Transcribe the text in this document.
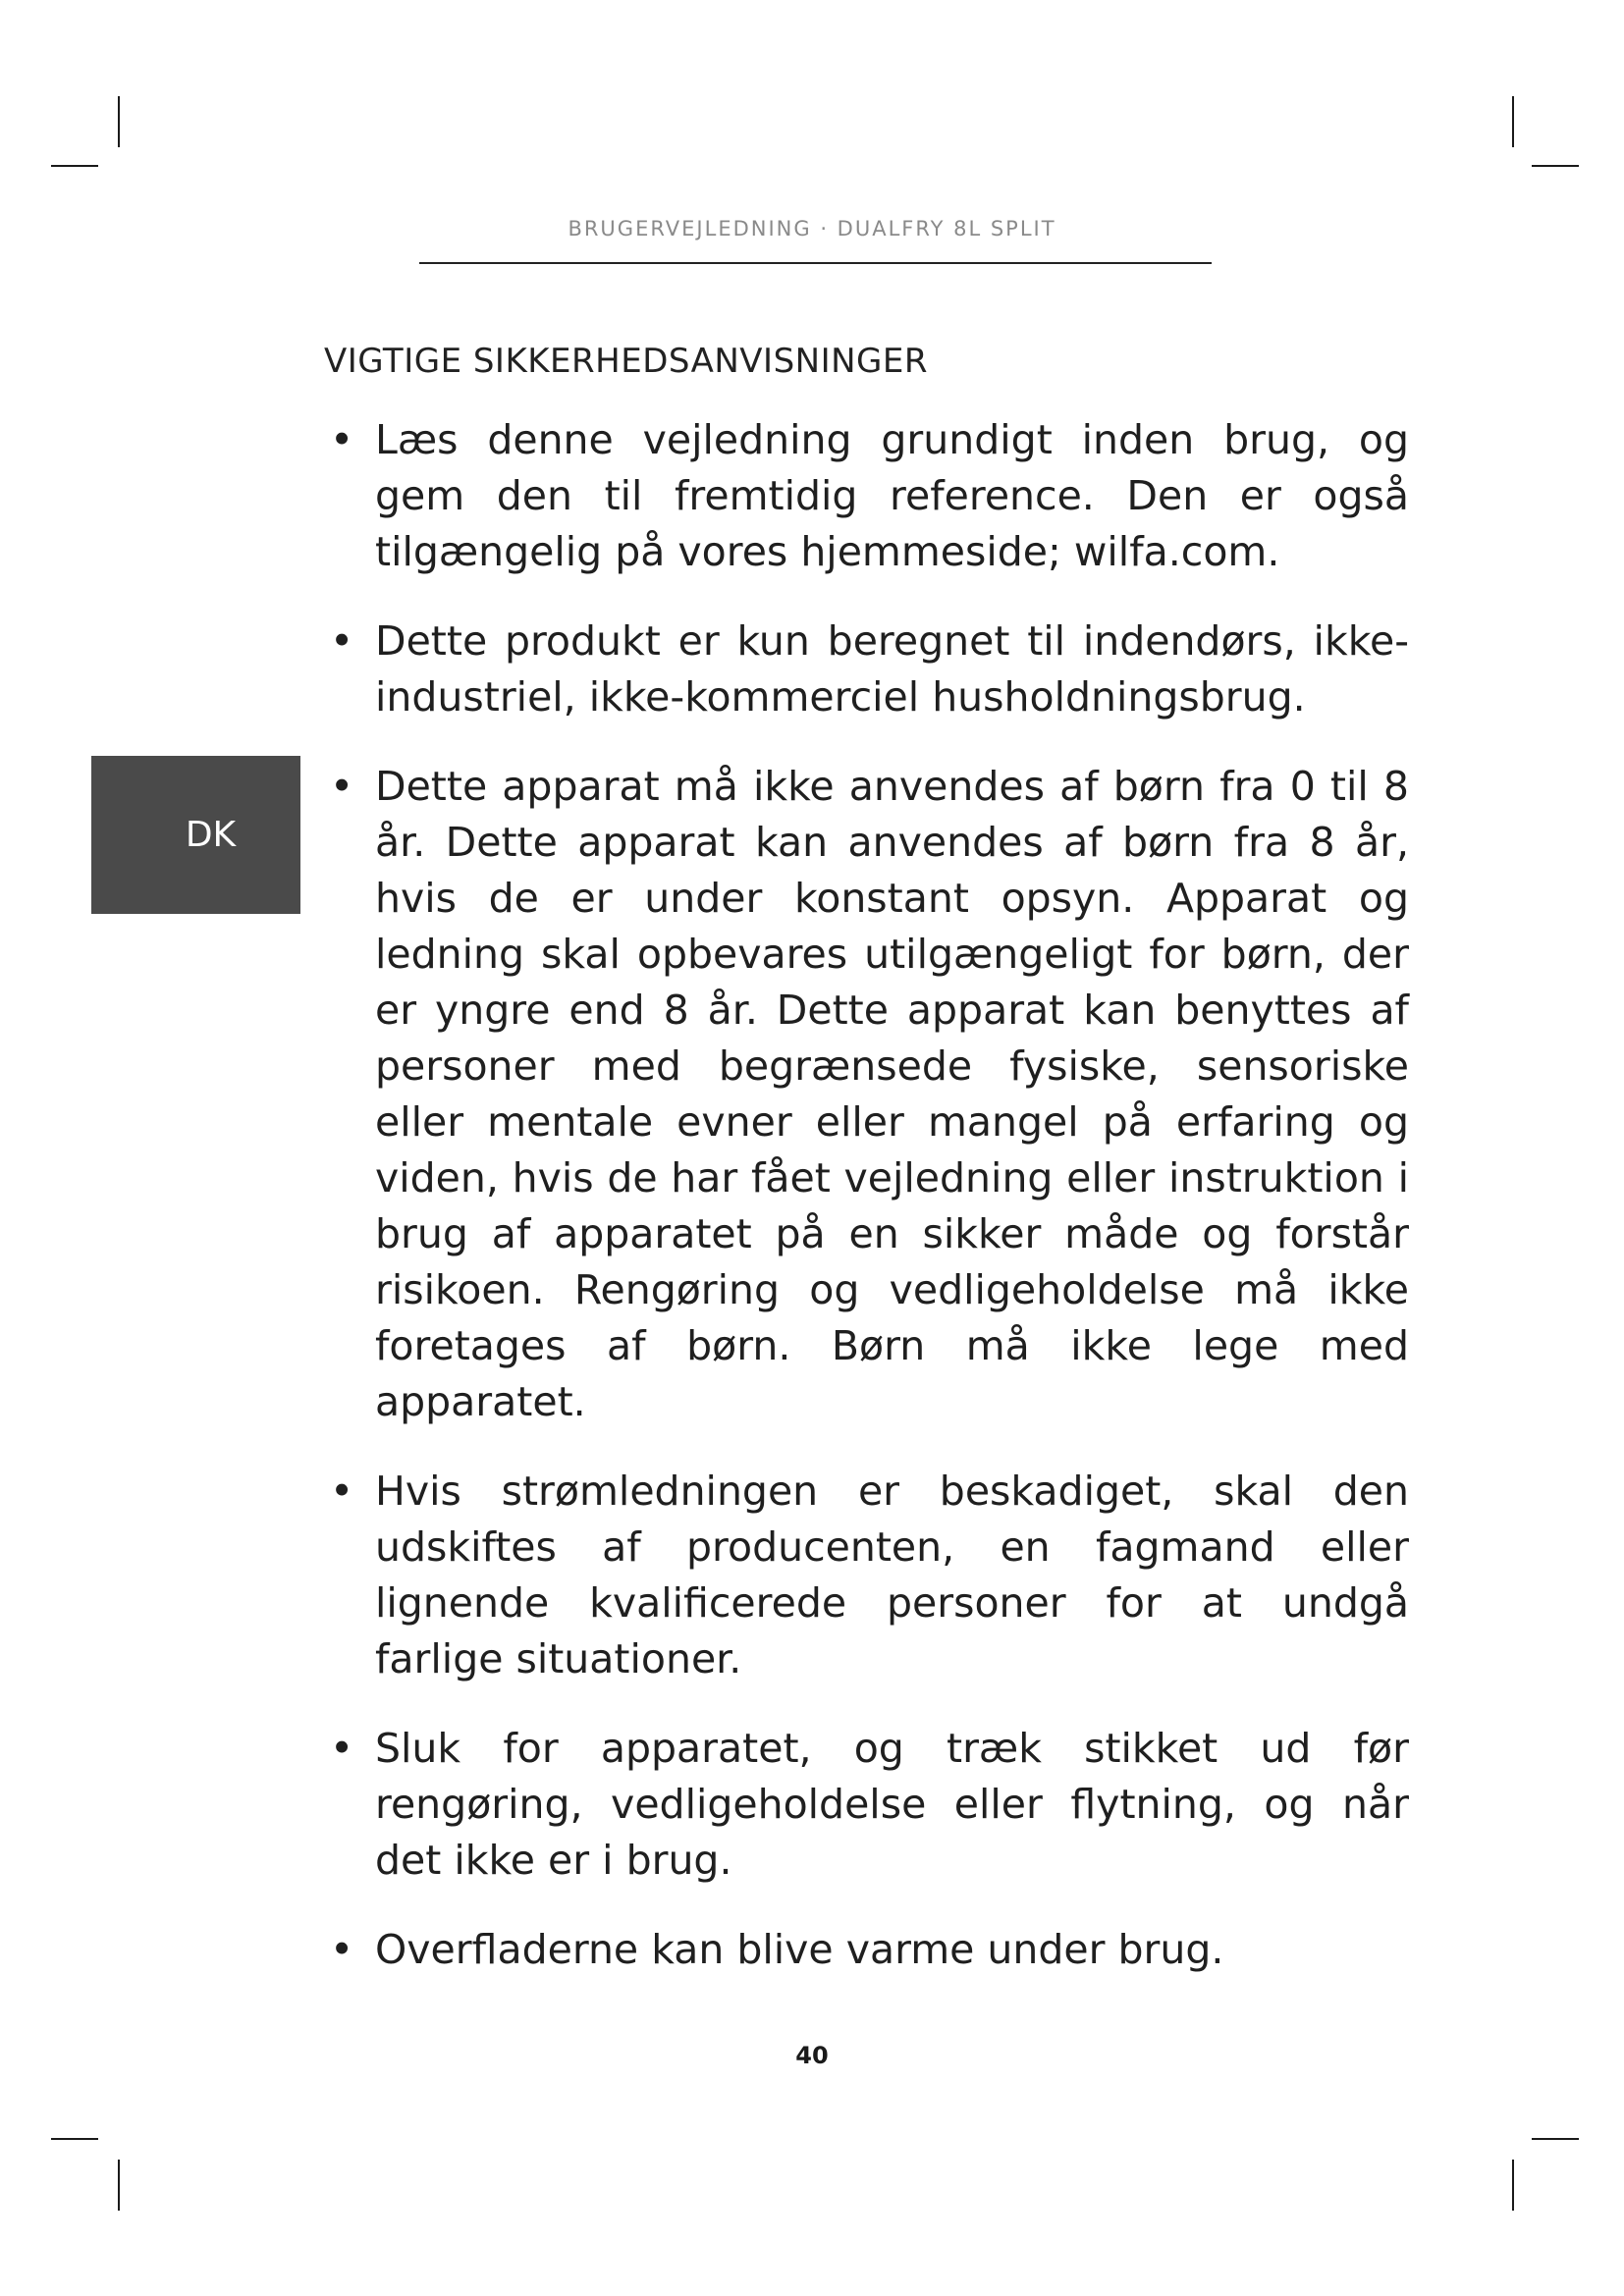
BRUGERVEJLEDNING · DUALFRY 8L SPLIT
VIGTIGE SIKKERHEDSANVISNINGER
DK
• Læs denne vejledning grundigt inden brug, og gem den til fremtidig reference. Den er også tilgængelig på vores hjemmeside; wilfa.com.
• Dette produkt er kun beregnet til indendørs, ikke-industriel, ikke-kommerciel husholdningsbrug.
• Dette apparat må ikke anvendes af børn fra 0 til 8 år. Dette apparat kan anvendes af børn fra 8 år, hvis de er under konstant opsyn. Apparat og ledning skal opbevares utilgængeligt for børn, der er yngre end 8 år. Dette apparat kan benyttes af personer med begrænsede fysiske, sensoriske eller mentale evner eller mangel på erfaring og viden, hvis de har fået vejledning eller instruktion i brug af apparatet på en sikker måde og forstår risikoen. Rengøring og vedligeholdelse må ikke foretages af børn. Børn må ikke lege med apparatet.
• Hvis strømledningen er beskadiget, skal den udskiftes af producenten, en fagmand eller lignende kvalificerede personer for at undgå farlige situationer.
• Sluk for apparatet, og træk stikket ud før rengøring, vedligeholdelse eller flytning, og når det ikke er i brug.
• Overfladerne kan blive varme under brug.
40
